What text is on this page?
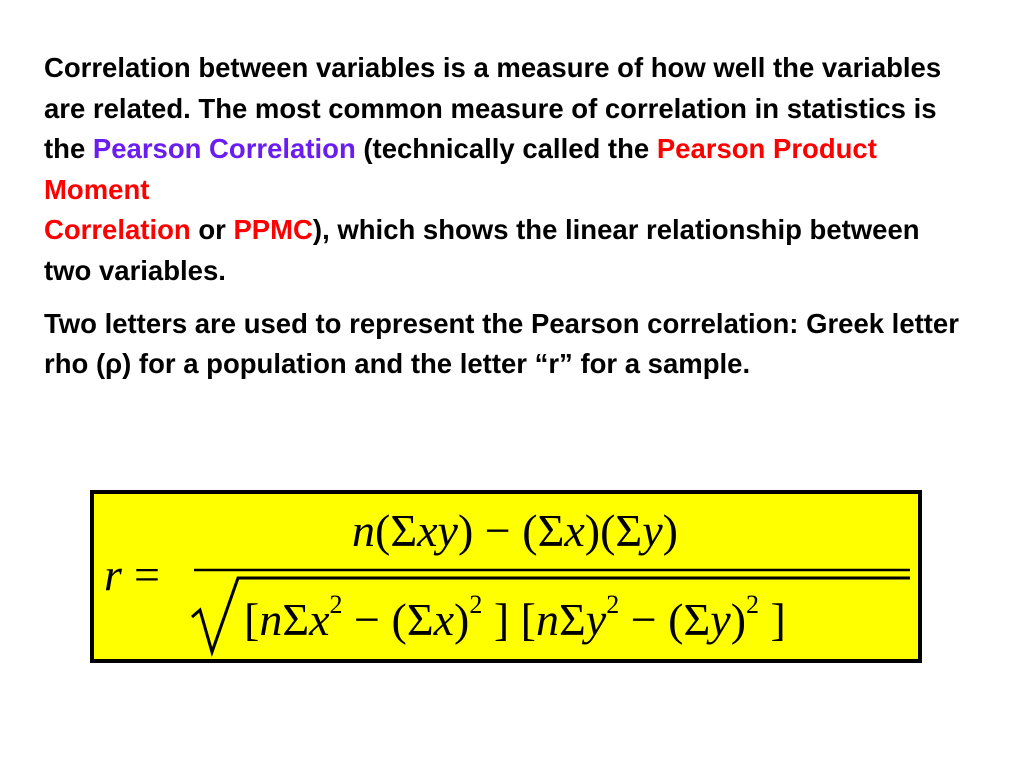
Correlation between variables is a measure of how well the variables are related. The most common measure of correlation in statistics is the Pearson Correlation (technically called the Pearson Product Moment
Correlation or PPMC), which shows the linear relationship between two variables.

Two letters are used to represent the Pearson correlation: Greek letter rho (ρ) for a population and the letter “r” for a sample.

r =
n(Σxy) − (Σx)(Σy)
[$n\Sigma x^2 - (\Sigma x)^2$ ] [$n\Sigma y^2 - (\Sigma y)^2$ ]
